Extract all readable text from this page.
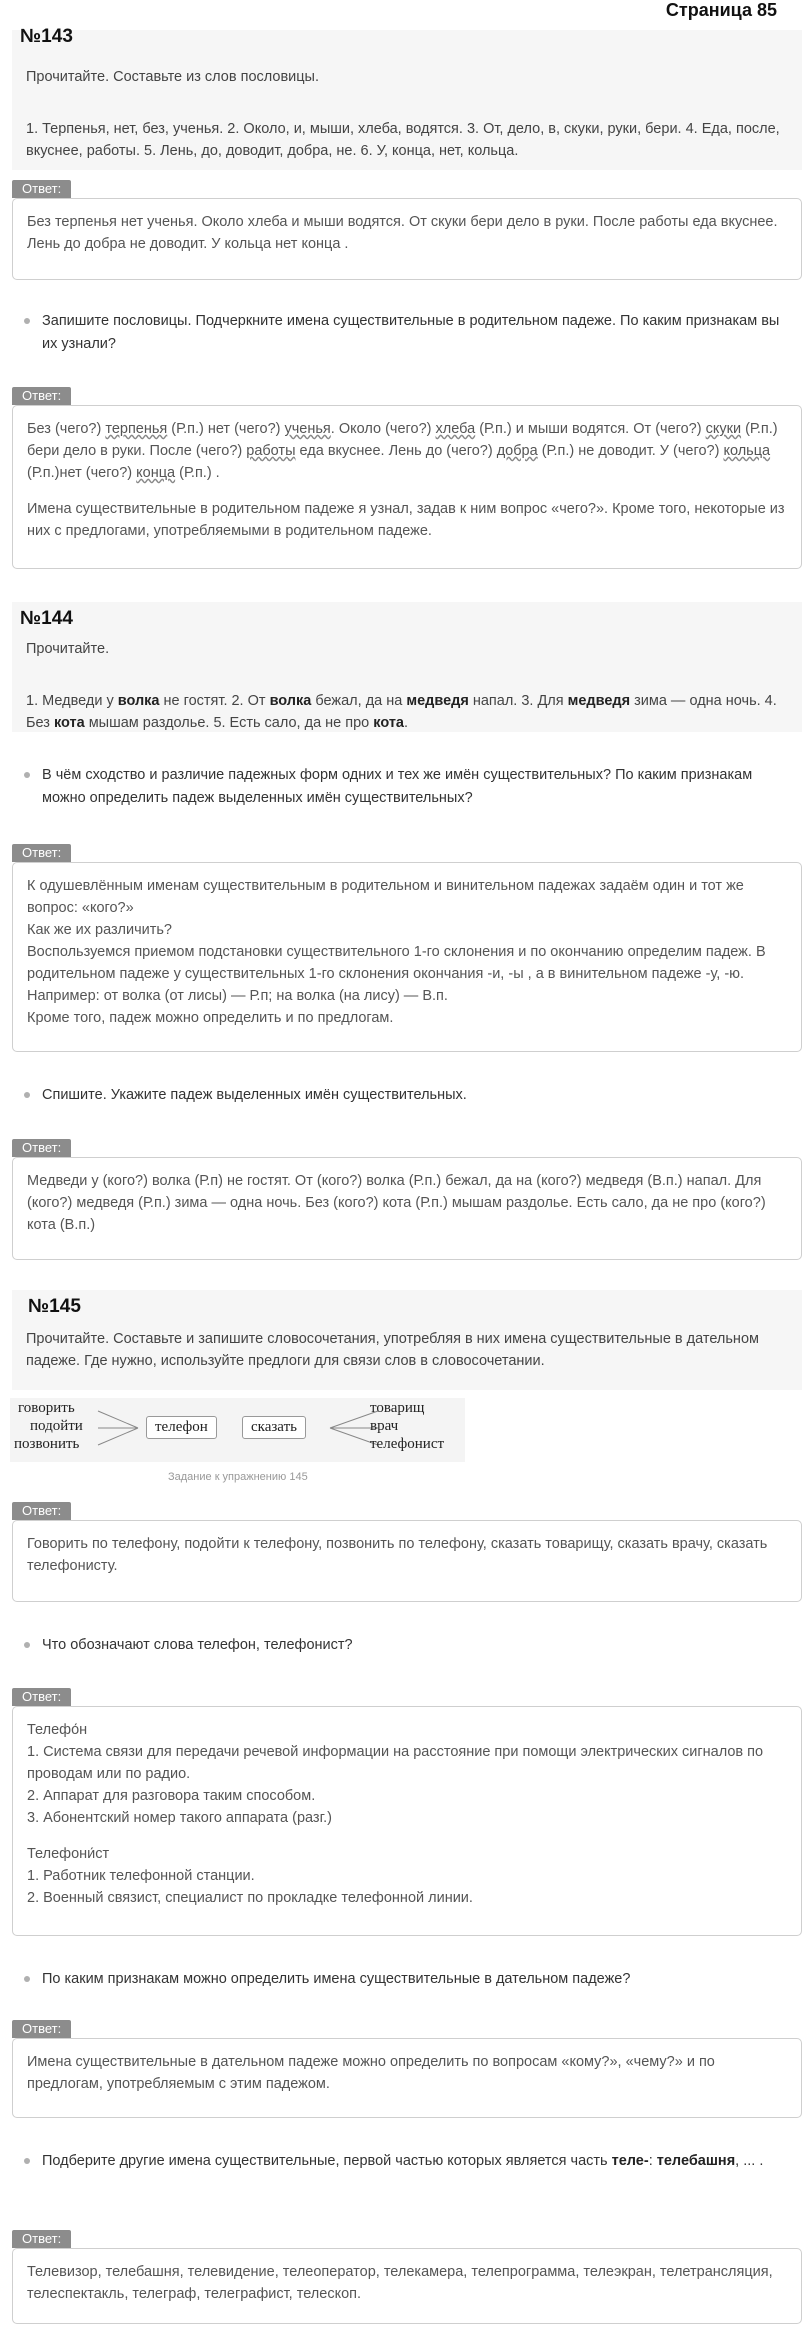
Страница 85
№143
Прочитайте. Составьте из слов пословицы.
1. Терпенья, нет, без, ученья. 2. Около, и, мыши, хлеба, водятся. 3. От, дело, в, скуки, руки, бери. 4. Еда, после, вкуснее, работы. 5. Лень, до, доводит, добра, не. 6. У, конца, нет, кольца.
Ответ:
Без терпенья нет ученья. Около хлеба и мыши водятся. От скуки бери дело в руки. После работы еда вкуснее. Лень до добра не доводит. У кольца нет конца .
Запишите пословицы. Подчеркните имена существительные в родительном падеже. По каким признакам вы их узнали?
Ответ:

Без (чего?) терпенья (Р.п.) нет (чего?) ученья. Около (чего?) хлеба (Р.п.) и мыши водятся. От (чего?) скуки (Р.п.) бери дело в руки. После (чего?) работы еда вкуснее. Лень до (чего?) добра (Р.п.) не доводит. У (чего?) кольца (Р.п.)нет (чего?) конца (Р.п.) .

Имена существительные в родительном падеже я узнал, задав к ним вопрос «чего?». Кроме того, некоторые из них с предлогами, употребляемыми в родительном падеже.

№144
Прочитайте.
1. Медведи у волка не гостят. 2. От волка бежал, да на медведя напал. 3. Для медведя зима — одна ночь. 4. Без кота мышам раздолье. 5. Есть сало, да не про кота.
В чём сходство и различие падежных форм одних и тех же имён существительных? По каким признакам можно определить падеж выделенных имён существительных?
Ответ:
К одушевлённым именам существительным в родительном и винительном падежах задаём один и тот же вопрос: «кого?»
Как же их различить?
Воспользуемся приемом подстановки существительного 1-го склонения и по окончанию определим падеж. В родительном падеже у существительных 1-го склонения окончания -и, -ы , а в винительном падеже -у, -ю. Например: от волка (от лисы) — Р.п; на волка (на лису) — В.п.
Кроме того, падеж можно определить и по предлогам.
Спишите. Укажите падеж выделенных имён существительных.
Ответ:
Медведи у (кого?) волка (Р.п) не гостят. От (кого?) волка (Р.п.) бежал, да на (кого?) медведя (В.п.) напал. Для (кого?) медведя (Р.п.) зима — одна ночь. Без (кого?) кота (Р.п.) мышам раздолье. Есть сало, да не про (кого?) кота (В.п.)
№145
Прочитайте. Составьте и запишите словосочетания, употребляя в них имена существительные в дательном падеже. Где нужно, используйте предлоги для связи слов в словосочетании.
говорить
подойти
позвонить
телефон	сказать
товарищ
врач
телефонист
Задание к упражнению 145
Ответ:
Говорить по телефону, подойти к телефону, позвонить по телефону, сказать товарищу, сказать врачу, сказать телефонисту.
Что обозначают слова телефон, телефонист?
Ответ:
Телефо́н
1. Система связи для передачи речевой информации на расстояние при помощи электрических сигналов по проводам или по радио.
2. Аппарат для разговора таким способом.
3. Абонентский номер такого аппарата (разг.)
Телефони́ст
1. Работник телефонной станции.
2. Военный связист, специалист по прокладке телефонной линии.
По каким признакам можно определить имена существительные в дательном падеже?
Ответ:
Имена существительные в дательном падеже можно определить по вопросам «кому?», «чему?» и по предлогам, употребляемым с этим падежом.
Подберите другие имена существительные, первой частью которых является часть теле-: телебашня, ... .
Ответ:
Телевизор, телебашня, телевидение, телеоператор, телекамера, телепрограмма, телеэкран, телетрансляция, телеспектакль, телеграф, телеграфист, телескоп.
